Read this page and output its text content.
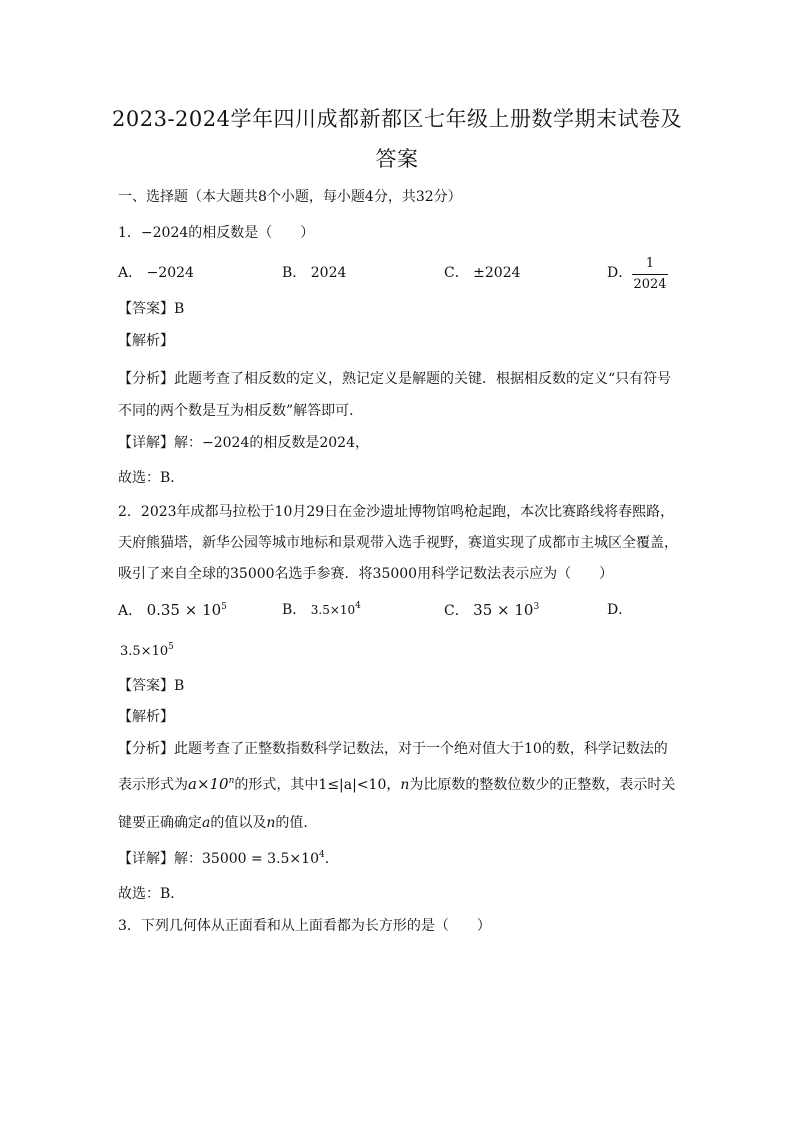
2023-2024学年四川成都新都区七年级上册数学期末试卷及
答案
一、选择题（本大题共8个小题，每小题4分，共32分）
1．−2024的相反数是（　　）
A． −2024	B． 2024	C． ±2024	D． $\frac{1}{2024}$
【答案】B
【解析】
【分析】此题考查了相反数的定义，熟记定义是解题的关键．根据相反数的定义“只有符号
不同的两个数是互为相反数”解答即可．
【详解】解：−2024的相反数是2024，
故选：B．
2．2023年成都马拉松于10月29日在金沙遗址博物馆鸣枪起跑，本次比赛路线将春熙路，
天府熊猫塔，新华公园等城市地标和景观带入选手视野，赛道实现了成都市主城区全覆盖，
吸引了来自全球的35000名选手参赛．将35000用科学记数法表示应为（　　）
A． $0.35 \times 10^5$	B． $3.5\times 10^4$	C． $35 \times 10^3$	D．
$3.5\times 10^5$
【答案】B
【解析】
【分析】此题考查了正整数指数科学记数法，对于一个绝对值大于10的数，科学记数法的
表示形式为$a\times 10^n$的形式，其中1≤|a|<10，n为比原数的整数位数少的正整数，表示时关
键要正确确定a的值以及n的值．
【详解】解：$35000 = 3.5\times 10^4$．
故选：B．
3．下列几何体从正面看和从上面看都为长方形的是（　　）
